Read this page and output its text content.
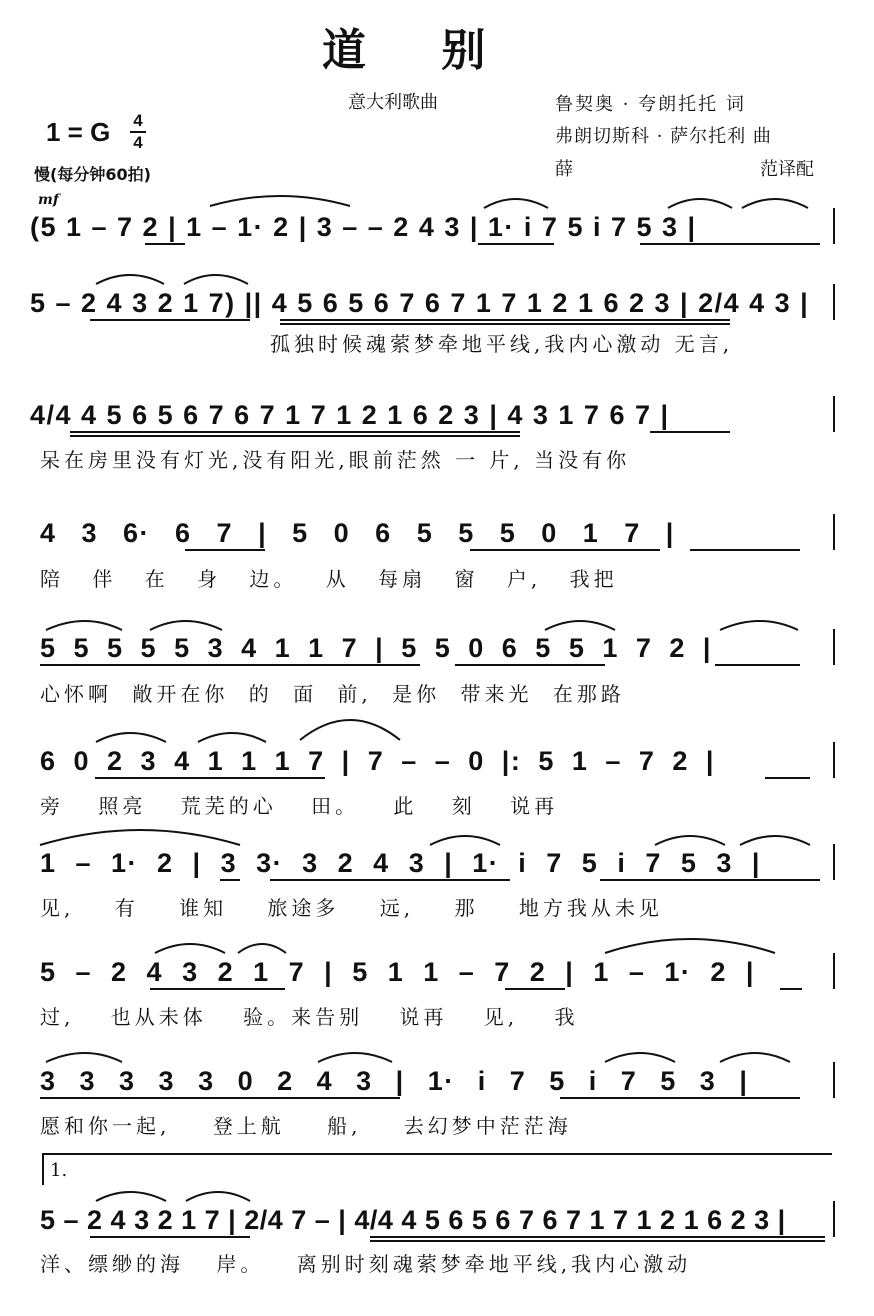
道 别
意大利歌曲	鲁契奥 · 夸朗托托 词
弗朗切斯科 · 萨尔托利 曲
薛	范译配
1 = G 4
4
慢(每分钟60拍)
mf
(5 1 – 7 2 | 1 – 1· 2 | 3 – – 2 4 3 | 1· i 7 5 i 7 5 3 |
5 – 2 4 3 2 1 7) || 4 5 6 5 6 7 6 7 1 7 1 2 1 6 2 3 | 2/4 4 3 |
孤独时候魂萦梦牵地平线,我内心激动 无言,
4/4 4 5 6 5 6 7 6 7 1 7 1 2 1 6 2 3 | 4 3 1 7 6 7 |
呆在房里没有灯光,没有阳光,眼前茫然 一 片, 当没有你
4 3 6· 6 7 | 5 0 6 5 5 5 0 1 7 |
陪 伴 在 身 边。 从 每扇 窗 户, 我把
5 5 5 5 5 3 4 1 1 7 | 5 5 0 6 5 5 1 7 2 |
心怀啊 敞开在你 的 面 前, 是你 带来光 在那路
6 0 2 3 4 1 1 1 7 | 7 – – 0 |: 5 1 – 7 2 |
旁 照亮 荒芜的心 田。 此 刻 说再
1 – 1· 2 | 3 3· 3 2 4 3 | 1· i 7 5 i 7 5 3 |
见, 有 谁知 旅途多 远, 那 地方我从未见
5 – 2 4 3 2 1 7 | 5 1 1 – 7 2 | 1 – 1· 2 |
过, 也从未体 验。来告别 说再 见, 我
3 3 3 3 3 0 2 4 3 | 1· i 7 5 i 7 5 3 |
愿和你一起, 登上航 船, 去幻梦中茫茫海
1.
5 – 2 4 3 2 1 7 | 2/4 7 – | 4/4 4 5 6 5 6 7 6 7 1 7 1 2 1 6 2 3 |
洋、缥缈的海 岸。 离别时刻魂萦梦牵地平线,我内心激动
